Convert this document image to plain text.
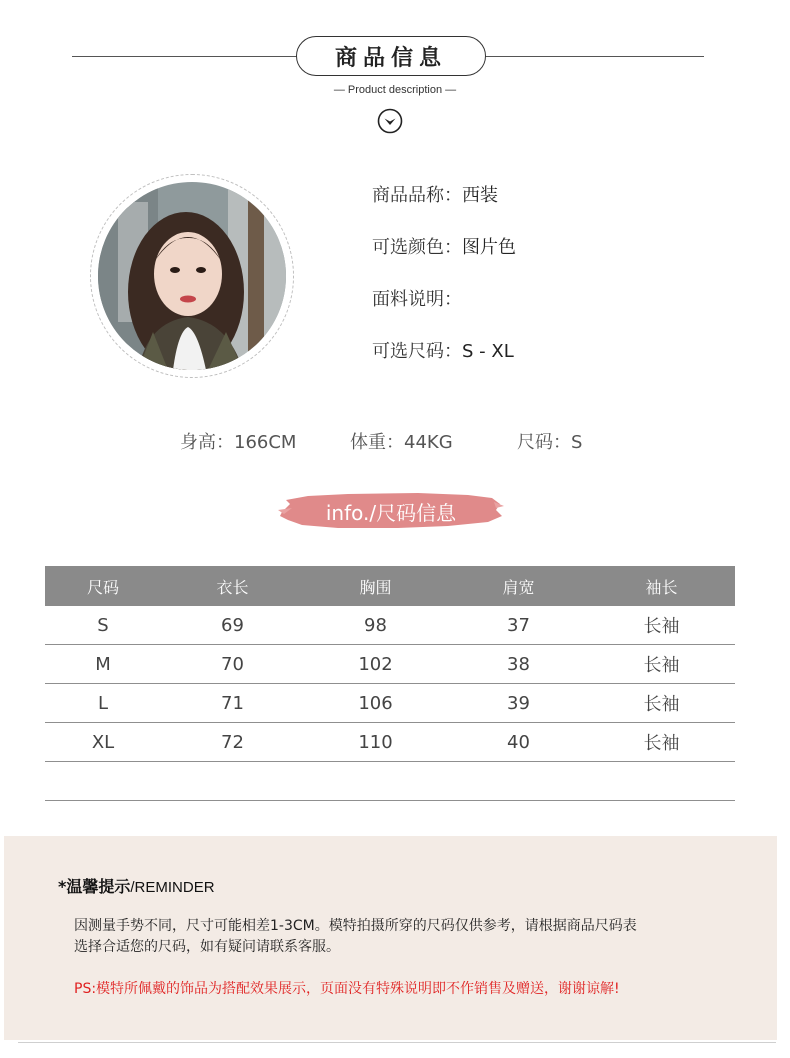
商品信息
— Product description —
商品品称： 西装
可选颜色： 图片色
面料说明：
可选尺码： S - XL
身高：166CM	体重：44KG	尺码：S
info./尺码信息
尺码	衣长	胸围	肩宽	袖长
S	69	98	37	长袖
M	70	102	38	长袖
L	71	106	39	长袖
XL	72	110	40	长袖
*温馨提示/REMINDER
因测量手势不同，尺寸可能相差1-3CM。模特拍摄所穿的尺码仅供参考，请根据商品尺码表
选择合适您的尺码，如有疑问请联系客服。
PS:模特所佩戴的饰品为搭配效果展示，页面没有特殊说明即不作销售及赠送，谢谢谅解!
